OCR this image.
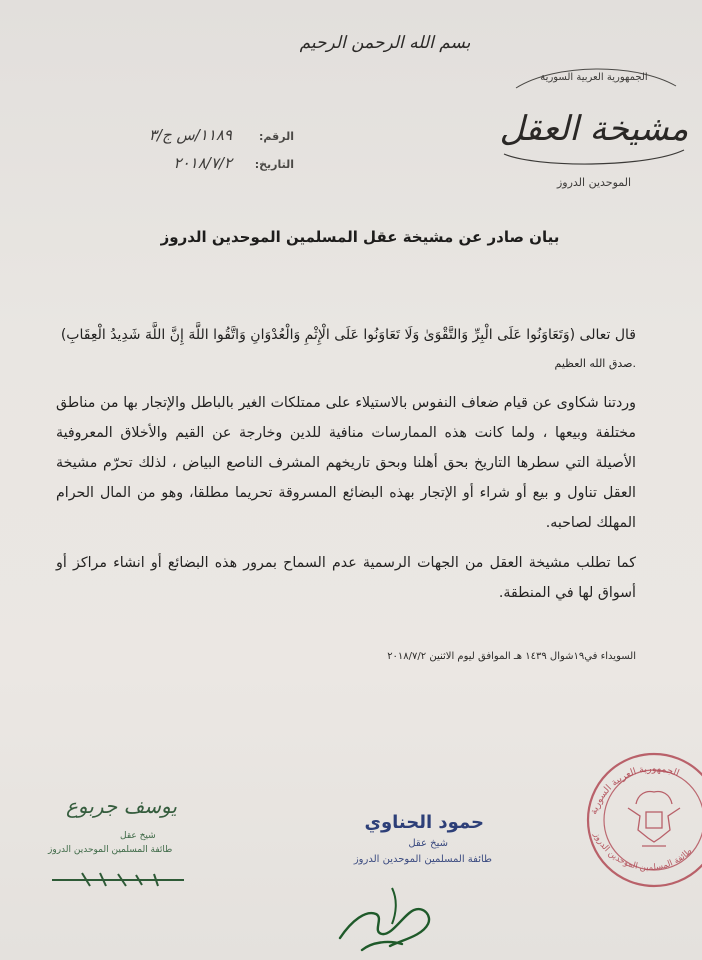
بسم الله الرحمن الرحيم
الجمهورية العربية السورية
مشيخة العقل
الموحدين الدروز
الرقم:
١١٨٩/س ج/٣
التاريخ:
٢٠١٨/٧/٢
بيان صادر عن مشيخة عقل المسلمين الموحدين الدروز
قال تعالى (وَتَعَاوَنُوا عَلَى الْبِرِّ وَالتَّقْوَىٰ وَلَا تَعَاوَنُوا عَلَى الْإِثْمِ وَالْعُدْوَانِ وَاتَّقُوا اللَّهَ إِنَّ اللَّهَ شَدِيدُ الْعِقَابِ)
.صدق الله العظيم
وردتنا شكاوى عن قيام ضعاف النفوس بالاستيلاء على ممتلكات الغير بالباطل والإتجار بها من مناطق مختلفة وبيعها ، ولما كانت هذه الممارسات منافية للدين وخارجة عن القيم والأخلاق المعروفية الأصيلة التي سطرها التاريخ بحق أهلنا وبحق تاريخهم المشرف الناصع البياض ، لذلك تحرّم مشيخة العقل تناول و بيع أو شراء أو الإتجار بهذه البضائع المسروقة تحريما مطلقا، وهو من المال الحرام المهلك لصاحبه.
كما تطلب مشيخة العقل من الجهات الرسمية عدم السماح بمرور هذه البضائع أو انشاء مراكز أو أسواق لها في المنطقة.
السويداء في١٩شوال ١٤٣٩ هـ الموافق ليوم الاثنين ٢٠١٨/٧/٢
الجمهورية العربية السورية
طائفة المسلمين الموحدين الدروز
يوسف جربوع
شيخ عقل
طائفة المسلمين الموحدين الدروز
حمود الحناوي
شيخ عقل
طائفة المسلمين الموحدين الدروز
